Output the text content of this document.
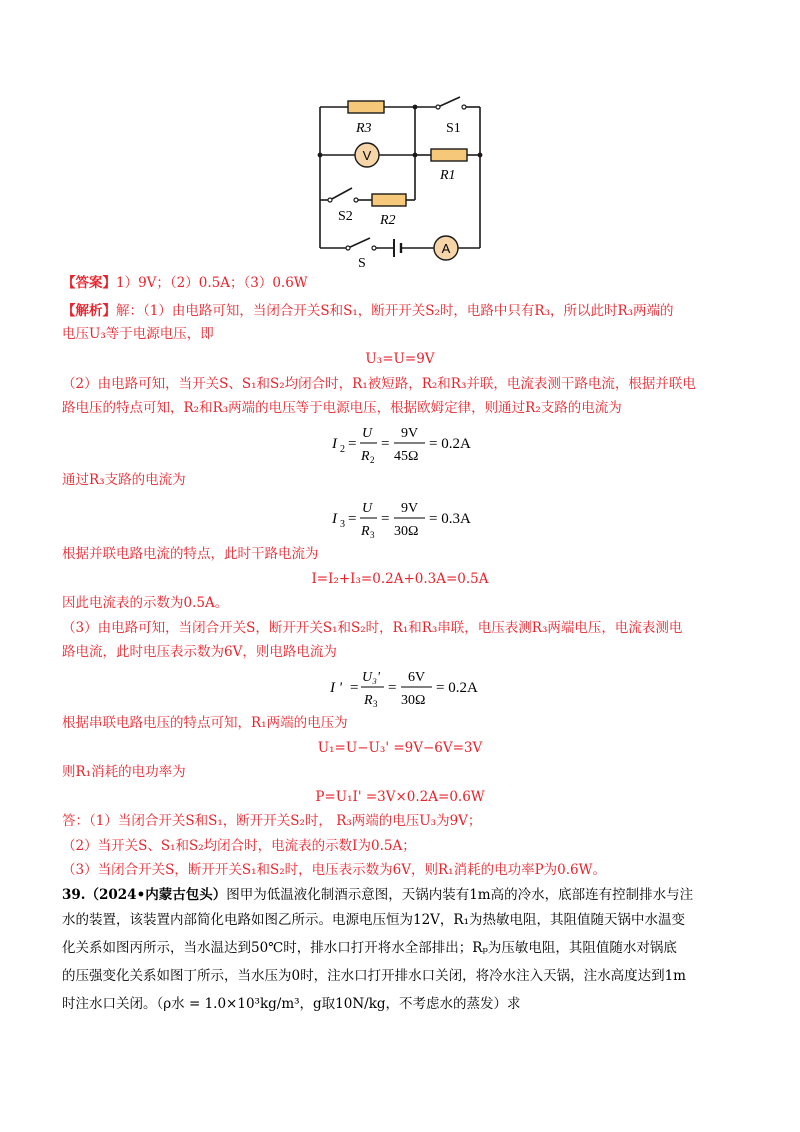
V
A
R3	S1
R1
S2 R2
S
【答案】1）9V；（2）0.5A；（3）0.6W
【解析】解：（1）由电路可知，当闭合开关S和S₁，断开开关S₂时，电路中只有R₃，所以此时R₃两端的
电压U₃等于电源电压，即
U₃=U=9V
（2）由电路可知，当开关S、S₁和S₂均闭合时，R₁被短路，R₂和R₃并联，电流表测干路电流，根据并联电
路电压的特点可知，R₂和R₃两端的电压等于电源电压，根据欧姆定律，则通过R₂支路的电流为
I 2 =
U
R 2
=
9V
45Ω
= 0.2A
通过R₃支路的电流为
I 3 =
U
R 3
=
9V
30Ω
= 0.3A
根据并联电路电流的特点，此时干路电流为
I=I₂+I₃=0.2A+0.3A=0.5A
因此电流表的示数为0.5A。
（3）由电路可知，当闭合开关S，断开开关S₁和S₂时，R₁和R₃串联，电压表测R₃两端电压，电流表测电
路电流，此时电压表示数为6V，则电路电流为
I ' =
U₃'
R 3
=
6V
30Ω
= 0.2A
根据串联电路电压的特点可知，R₁两端的电压为
U₁=U−U₃' =9V−6V=3V
则R₁消耗的电功率为
P=U₁I' =3V×0.2A=0.6W
答：（1）当闭合开关S和S₁，断开开关S₂时， R₃两端的电压U₃为9V；
（2）当开关S、S₁和S₂均闭合时，电流表的示数I为0.5A；
（3）当闭合开关S，断开开关S₁和S₂时，电压表示数为6V，则R₁消耗的电功率P为0.6W。
39.（2024•内蒙古包头）图甲为低温液化制酒示意图，天锅内装有1m高的冷水，底部连有控制排水与注
水的装置，该装置内部简化电路如图乙所示。电源电压恒为12V，R₁为热敏电阻，其阻值随天锅中水温变
化关系如图丙所示，当水温达到50℃时，排水口打开将水全部排出；Rₚ为压敏电阻，其阻值随水对锅底
的压强变化关系如图丁所示，当水压为0时，注水口打开排水口关闭，将冷水注入天锅，注水高度达到1m
时注水口关闭。（ρ水 = 1.0×10³kg/m³，g取10N/kg，不考虑水的蒸发）求
